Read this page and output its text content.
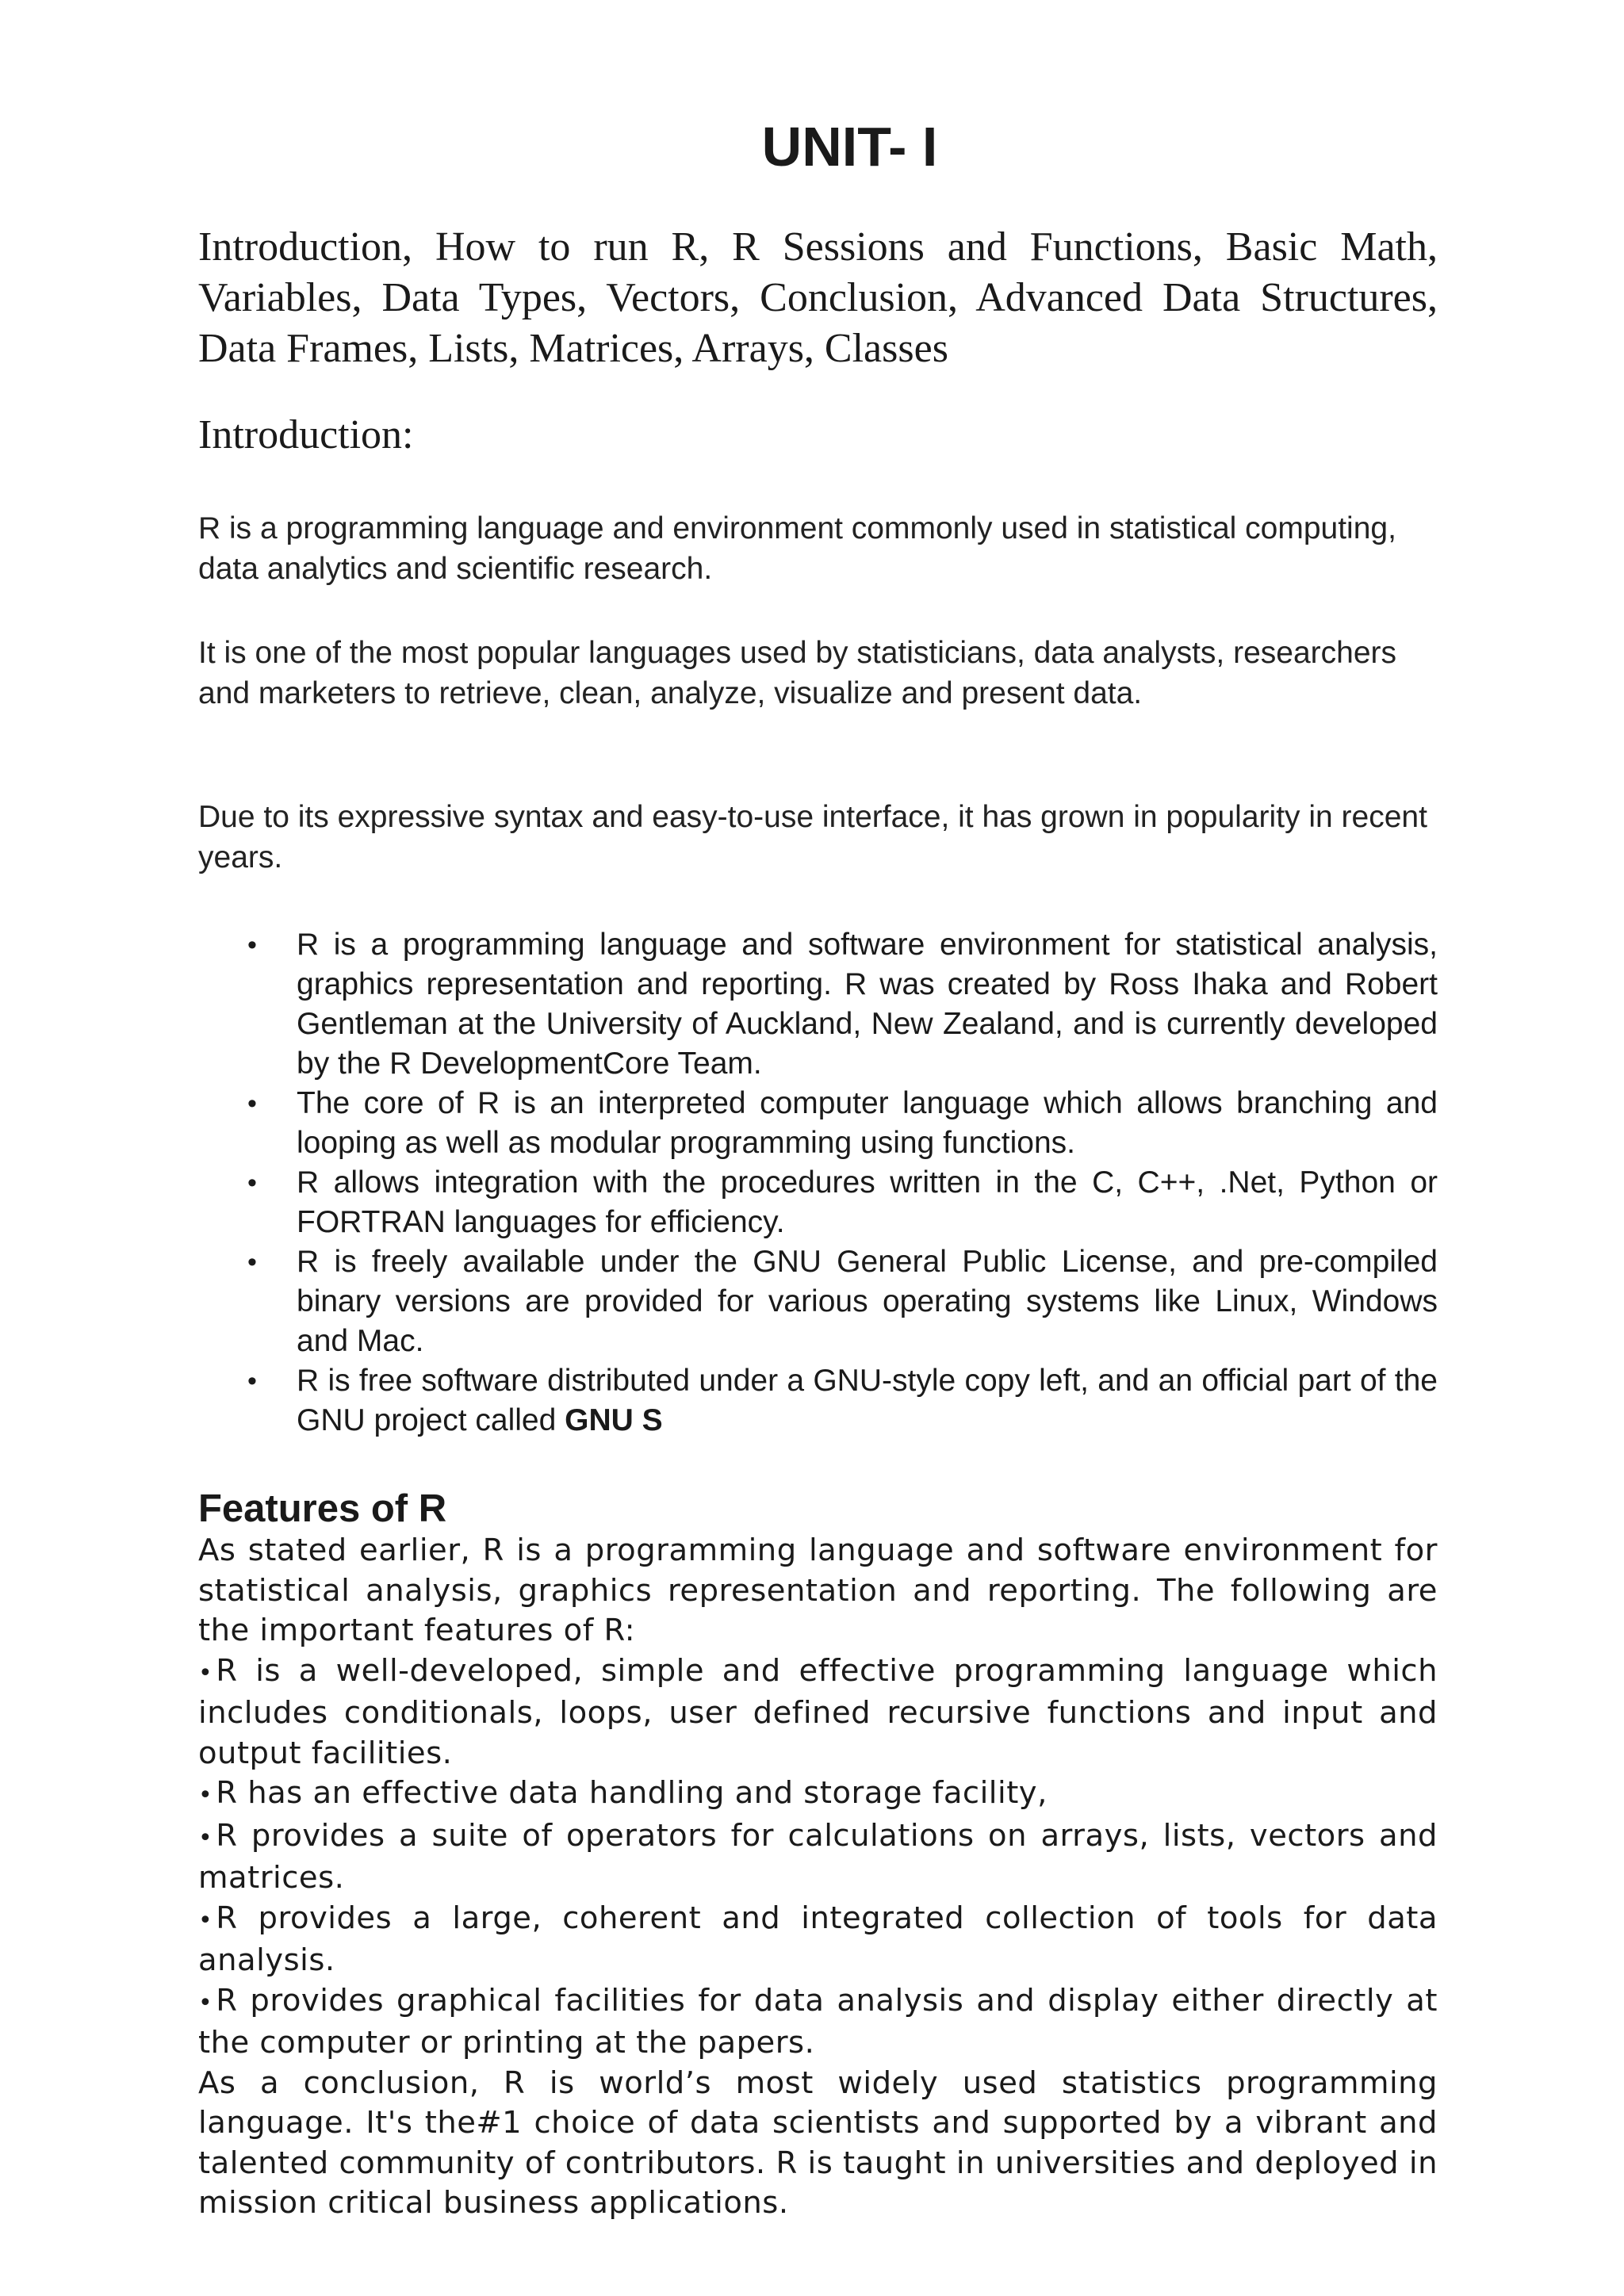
UNIT- I

Introduction, How to run R, R Sessions and Functions, Basic Math, Variables, Data Types, Vectors, Conclusion, Advanced Data Structures, Data Frames, Lists, Matrices, Arrays, Classes

Introduction:

R is a programming language and environment commonly used in statistical computing, data analytics and scientific research.

It is one of the most popular languages used by statisticians, data analysts, researchers and marketers to retrieve, clean, analyze, visualize and present data.

Due to its expressive syntax and easy-to-use interface, it has grown in popularity in recent years.

• R is a programming language and software environment for statistical analysis, graphics representation and reporting. R was created by Ross Ihaka and Robert Gentleman at the University of Auckland, New Zealand, and is currently developed by the R DevelopmentCore Team.
• The core of R is an interpreted computer language which allows branching and looping as well as modular programming using functions.
• R allows integration with the procedures written in the C, C++, .Net, Python or FORTRAN languages for efficiency.
• R is freely available under the GNU General Public License, and pre-compiled binary versions are provided for various operating systems like Linux, Windows and Mac.
• R is free software distributed under a GNU-style copy left, and an official part of the GNU project called GNU S
Features of R

As stated earlier, R is a programming language and software environment for statistical analysis, graphics representation and reporting. The following are the important features of R:

• R is a well-developed, simple and effective programming language which includes conditionals, loops, user defined recursive functions and input and output facilities.

• R has an effective data handling and storage facility,

• R provides a suite of operators for calculations on arrays, lists, vectors and matrices.

• R provides a large, coherent and integrated collection of tools for data analysis.

• R provides graphical facilities for data analysis and display either directly at the computer or printing at the papers.

As a conclusion, R is world’s most widely used statistics programming language. It's the#1 choice of data scientists and supported by a vibrant and talented community of contributors. R is taught in universities and deployed in mission critical business applications.
